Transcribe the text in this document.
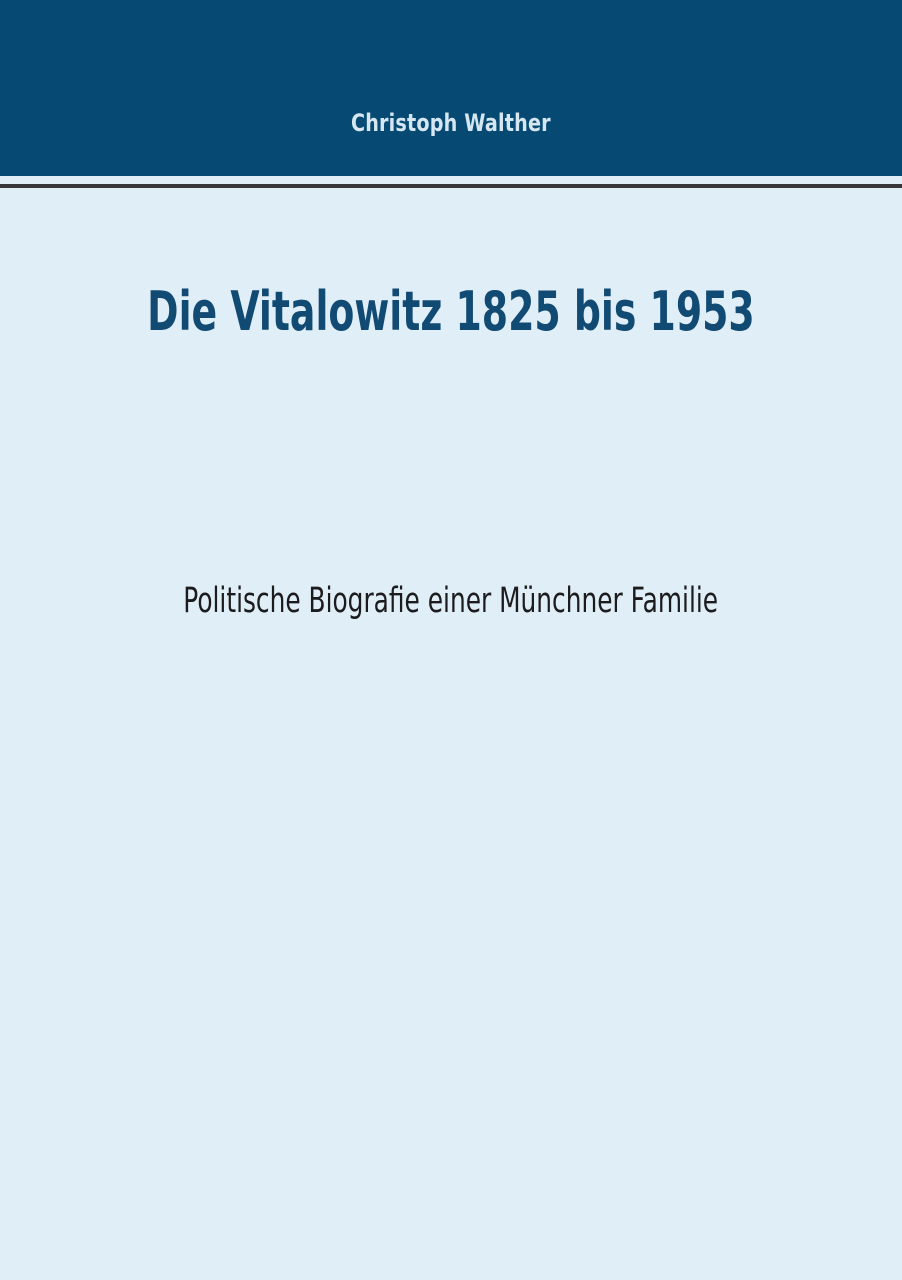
Christoph Walther
Die Vitalowitz 1825 bis 1953
Politische Biografie einer Münchner Familie
